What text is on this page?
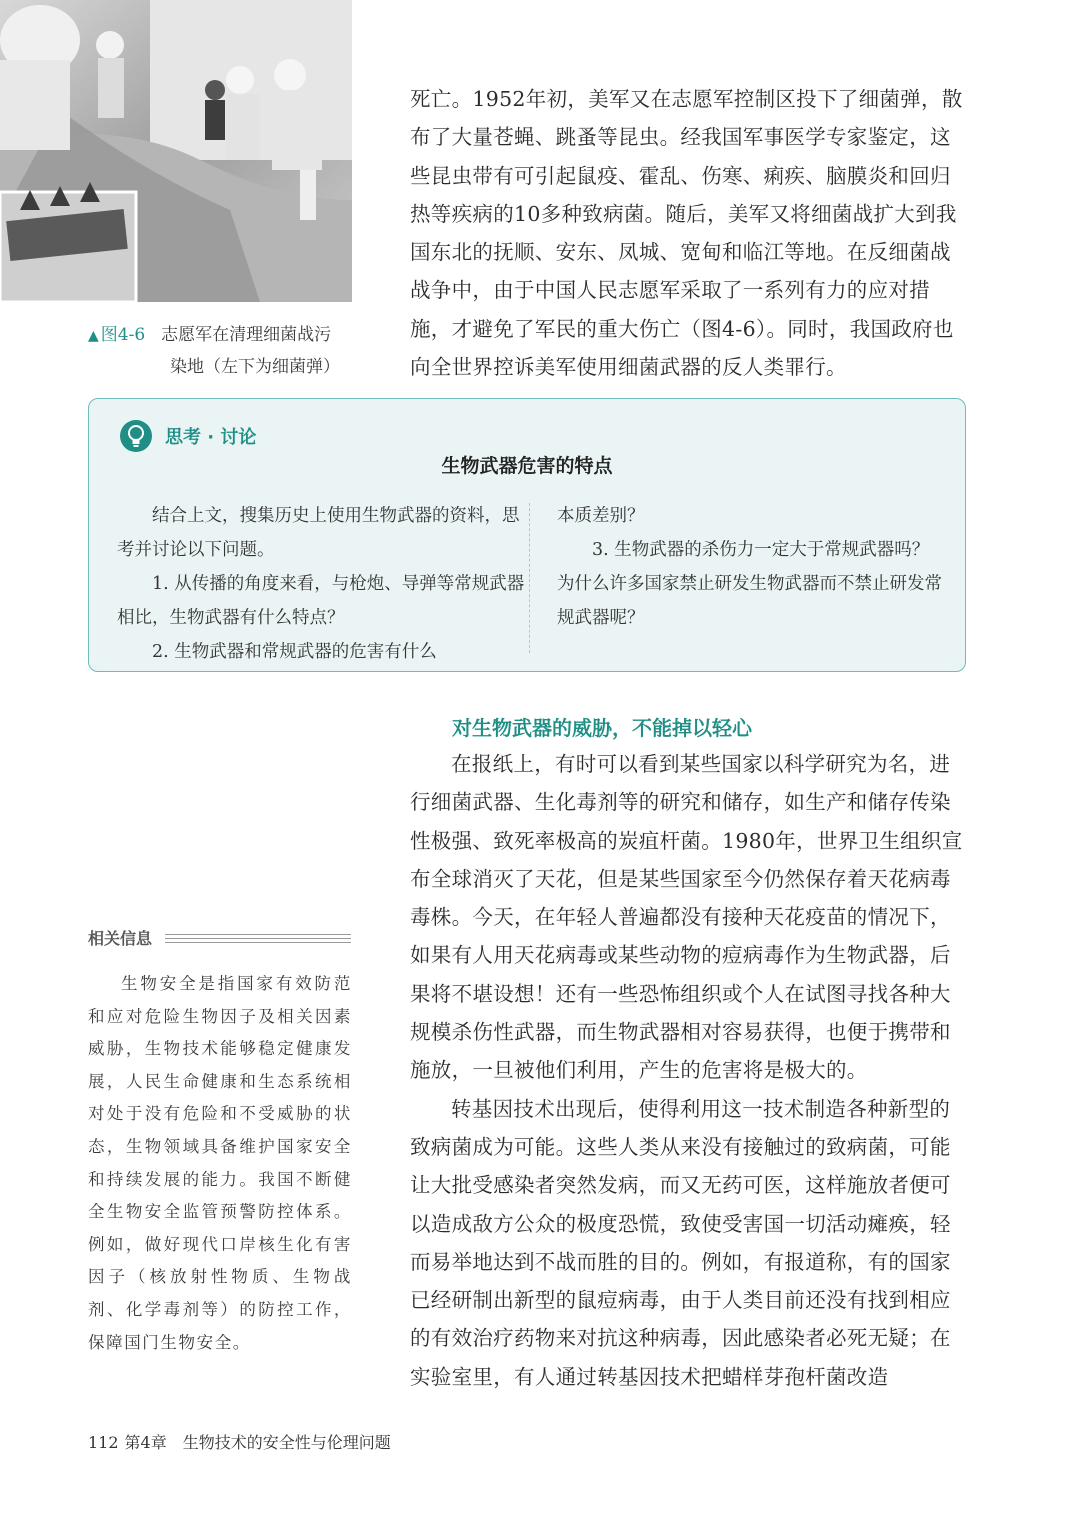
▲ 图4-6 志愿军在清理细菌战污
染地（左下为细菌弹）

死亡。1952年初，美军又在志愿军控制区投下了细菌弹，散布了大量苍蝇、跳蚤等昆虫。经我国军事医学专家鉴定，这些昆虫带有可引起鼠疫、霍乱、伤寒、痢疾、脑膜炎和回归热等疾病的10多种致病菌。随后，美军又将细菌战扩大到我国东北的抚顺、安东、凤城、宽甸和临江等地。在反细菌战战争中，由于中国人民志愿军采取了一系列有力的应对措施，才避免了军民的重大伤亡（图4-6）。同时，我国政府也向全世界控诉美军使用细菌武器的反人类罪行。

思考 · 讨论
生物武器危害的特点

结合上文，搜集历史上使用生物武器的资料，思考并讨论以下问题。

1. 从传播的角度来看，与枪炮、导弹等常规武器相比，生物武器有什么特点？

2. 生物武器和常规武器的危害有什么

本质差别？

3. 生物武器的杀伤力一定大于常规武器吗？为什么许多国家禁止研发生物武器而不禁止研发常规武器呢？

对生物武器的威胁，不能掉以轻心

在报纸上，有时可以看到某些国家以科学研究为名，进行细菌武器、生化毒剂等的研究和储存，如生产和储存传染性极强、致死率极高的炭疽杆菌。1980年，世界卫生组织宣布全球消灭了天花，但是某些国家至今仍然保存着天花病毒毒株。今天，在年轻人普遍都没有接种天花疫苗的情况下，如果有人用天花病毒或某些动物的痘病毒作为生物武器，后果将不堪设想！还有一些恐怖组织或个人在试图寻找各种大规模杀伤性武器，而生物武器相对容易获得，也便于携带和施放，一旦被他们利用，产生的危害将是极大的。

转基因技术出现后，使得利用这一技术制造各种新型的致病菌成为可能。这些人类从来没有接触过的致病菌，可能让大批受感染者突然发病，而又无药可医，这样施放者便可以造成敌方公众的极度恐慌，致使受害国一切活动瘫痪，轻而易举地达到不战而胜的目的。例如，有报道称，有的国家已经研制出新型的鼠痘病毒，由于人类目前还没有找到相应的有效治疗药物来对抗这种病毒，因此感染者必死无疑；在实验室里，有人通过转基因技术把蜡样芽孢杆菌改造

相关信息

生物安全是指国家有效防范和应对危险生物因子及相关因素威胁，生物技术能够稳定健康发展，人民生命健康和生态系统相对处于没有危险和不受威胁的状态，生物领域具备维护国家安全和持续发展的能力。我国不断健全生物安全监管预警防控体系。例如，做好现代口岸核生化有害因子（核放射性物质、生物战剂、化学毒剂等）的防控工作，保障国门生物安全。

112 第4章 生物技术的安全性与伦理问题
